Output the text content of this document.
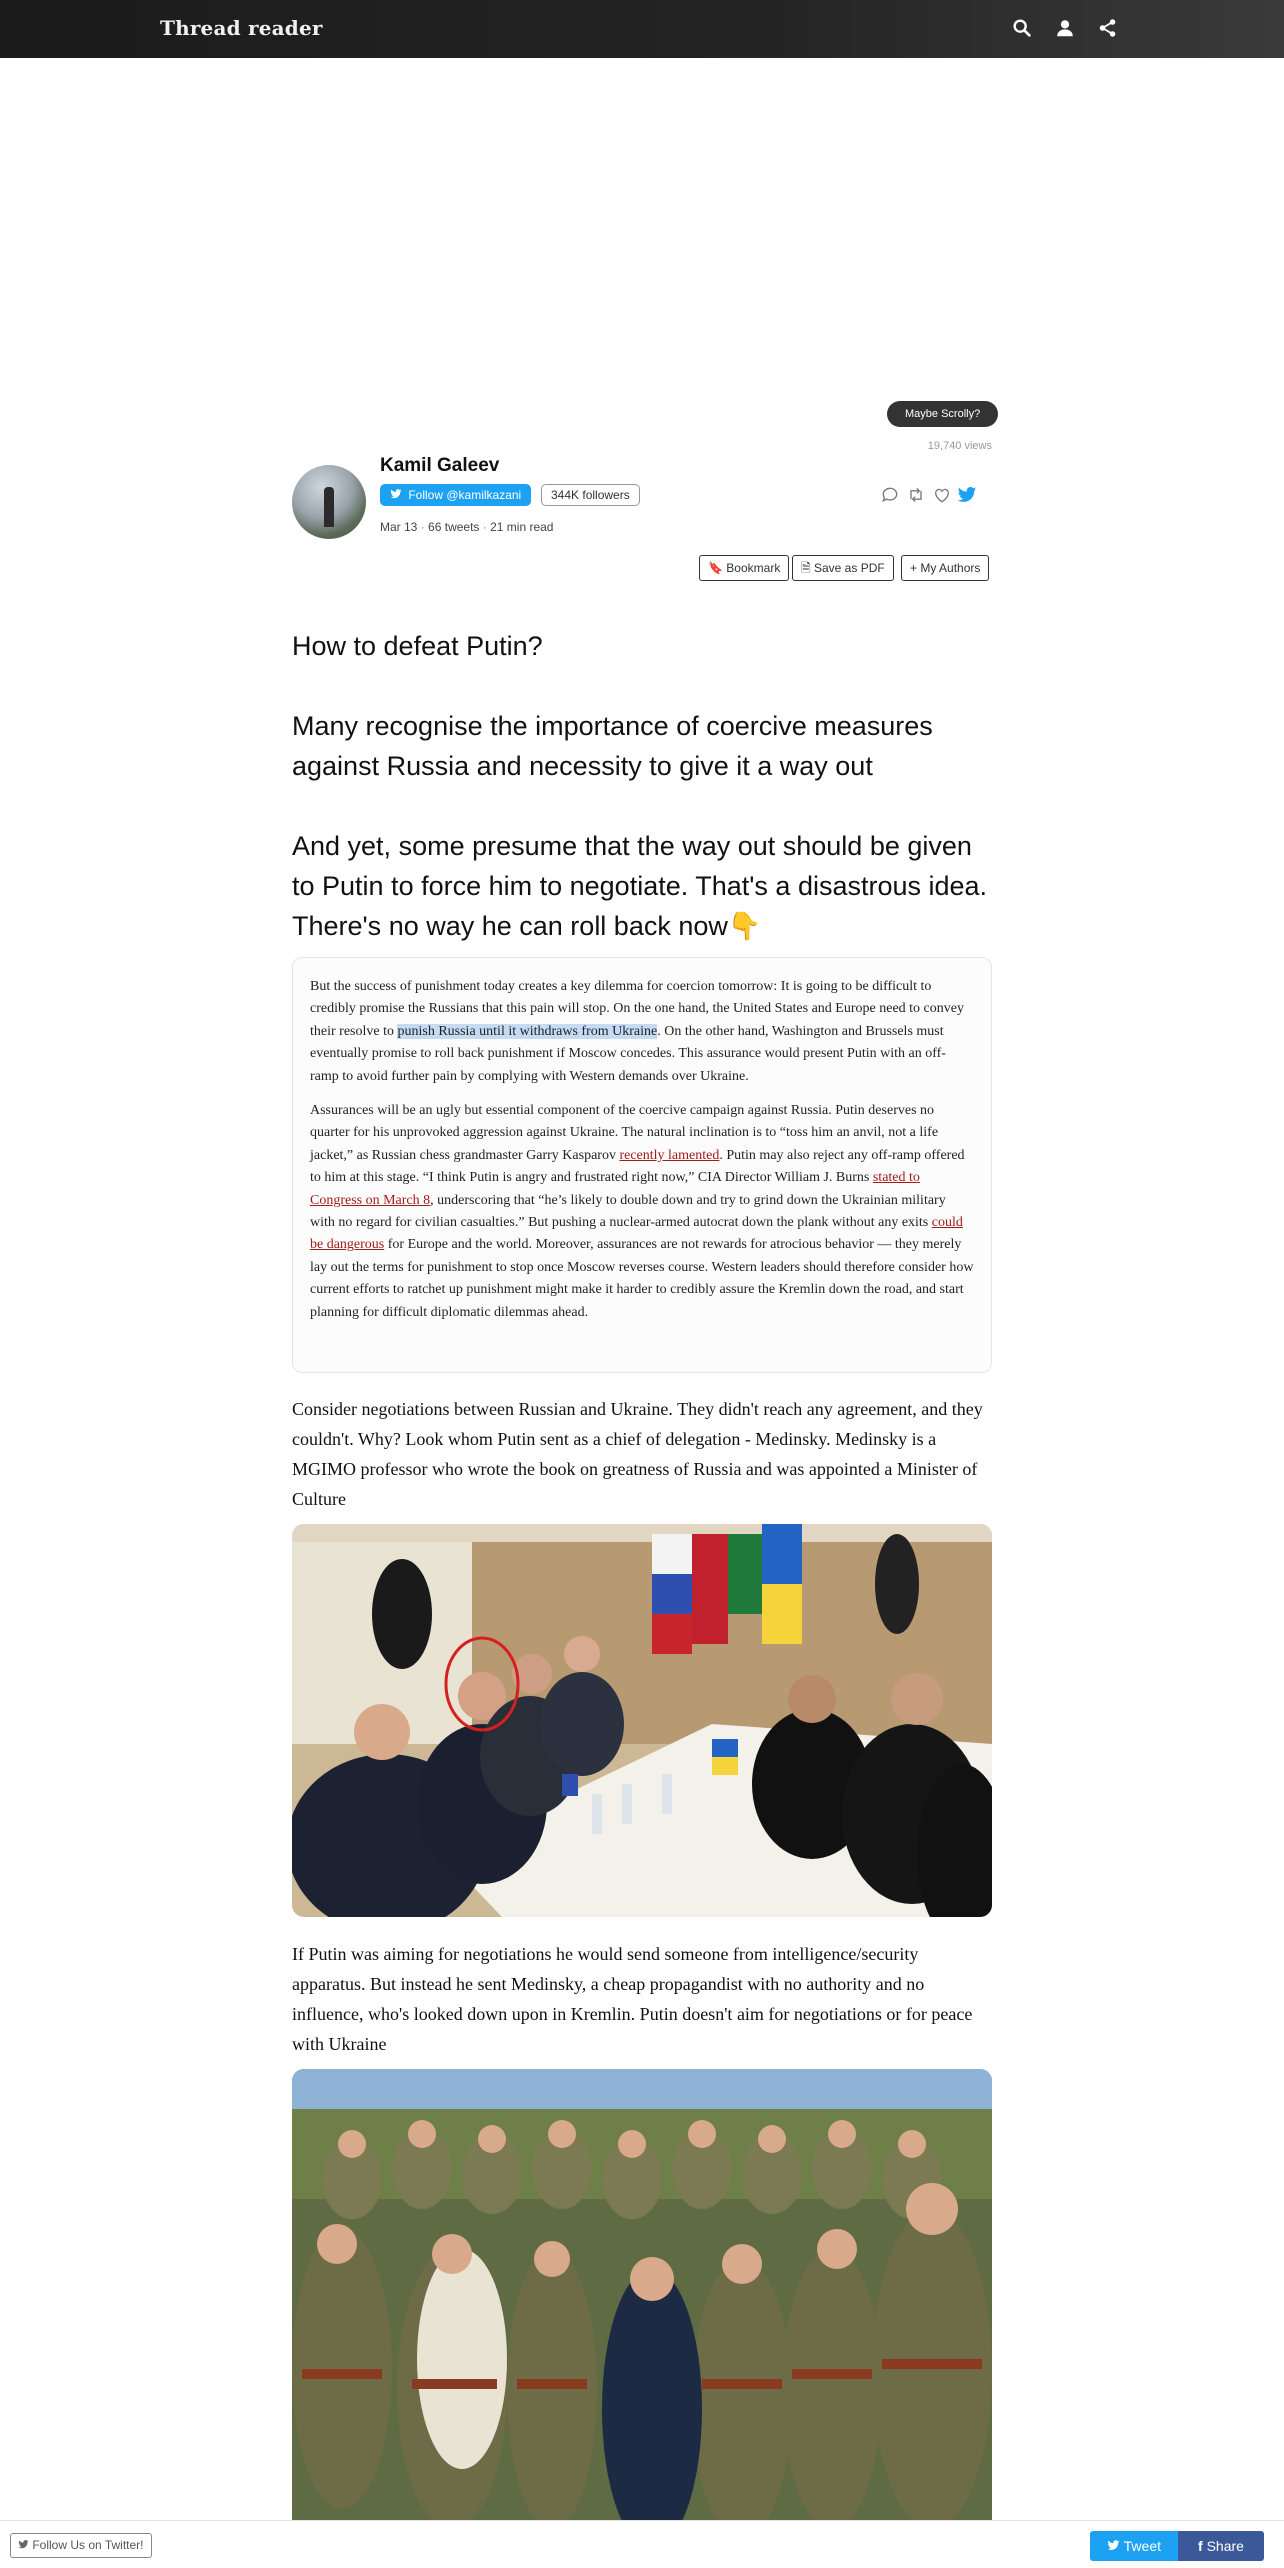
Thread reader
Maybe Scrolly?
19,740 views
Kamil Galeev
Follow @kamilkazani	344K followers
Mar 13 · 66 tweets · 21 min read
🔖 Bookmark	🗎 Save as PDF	+ My Authors
How to defeat Putin?
Many recognise the importance of coercive measures against Russia and necessity to give it a way out
And yet, some presume that the way out should be given to Putin to force him to negotiate. That's a disastrous idea. There's no way he can roll back now👇

But the success of punishment today creates a key dilemma for coercion tomorrow: It is going to be difficult to credibly promise the Russians that this pain will stop. On the one hand, the United States and Europe need to convey their resolve to punish Russia until it withdraws from Ukraine. On the other hand, Washington and Brussels must eventually promise to roll back punishment if Moscow concedes. This assurance would present Putin with an off-ramp to avoid further pain by complying with Western demands over Ukraine.

Assurances will be an ugly but essential component of the coercive campaign against Russia. Putin deserves no quarter for his unprovoked aggression against Ukraine. The natural inclination is to “toss him an anvil, not a life jacket,” as Russian chess grandmaster Garry Kasparov recently lamented. Putin may also reject any off-ramp offered to him at this stage. “I think Putin is angry and frustrated right now,” CIA Director William J. Burns stated to Congress on March 8, underscoring that “he’s likely to double down and try to grind down the Ukrainian military with no regard for civilian casualties.” But pushing a nuclear-armed autocrat down the plank without any exits could be dangerous for Europe and the world. Moreover, assurances are not rewards for atrocious behavior — they merely lay out the terms for punishment to stop once Moscow reverses course. Western leaders should therefore consider how current efforts to ratchet up punishment might make it harder to credibly assure the Kremlin down the road, and start planning for difficult diplomatic dilemmas ahead.

Consider negotiations between Russian and Ukraine. They didn't reach any agreement, and they couldn't. Why? Look whom Putin sent as a chief of delegation - Medinsky. Medinsky is a MGIMO professor who wrote the book on greatness of Russia and was appointed a Minister of Culture
If Putin was aiming for negotiations he would send someone from intelligence/security apparatus. But instead he sent Medinsky, a cheap propagandist with no authority and no influence, who's looked down upon in Kremlin. Putin doesn't aim for negotiations or for peace with Ukraine
Follow Us on Twitter!	Tweet	f Share
